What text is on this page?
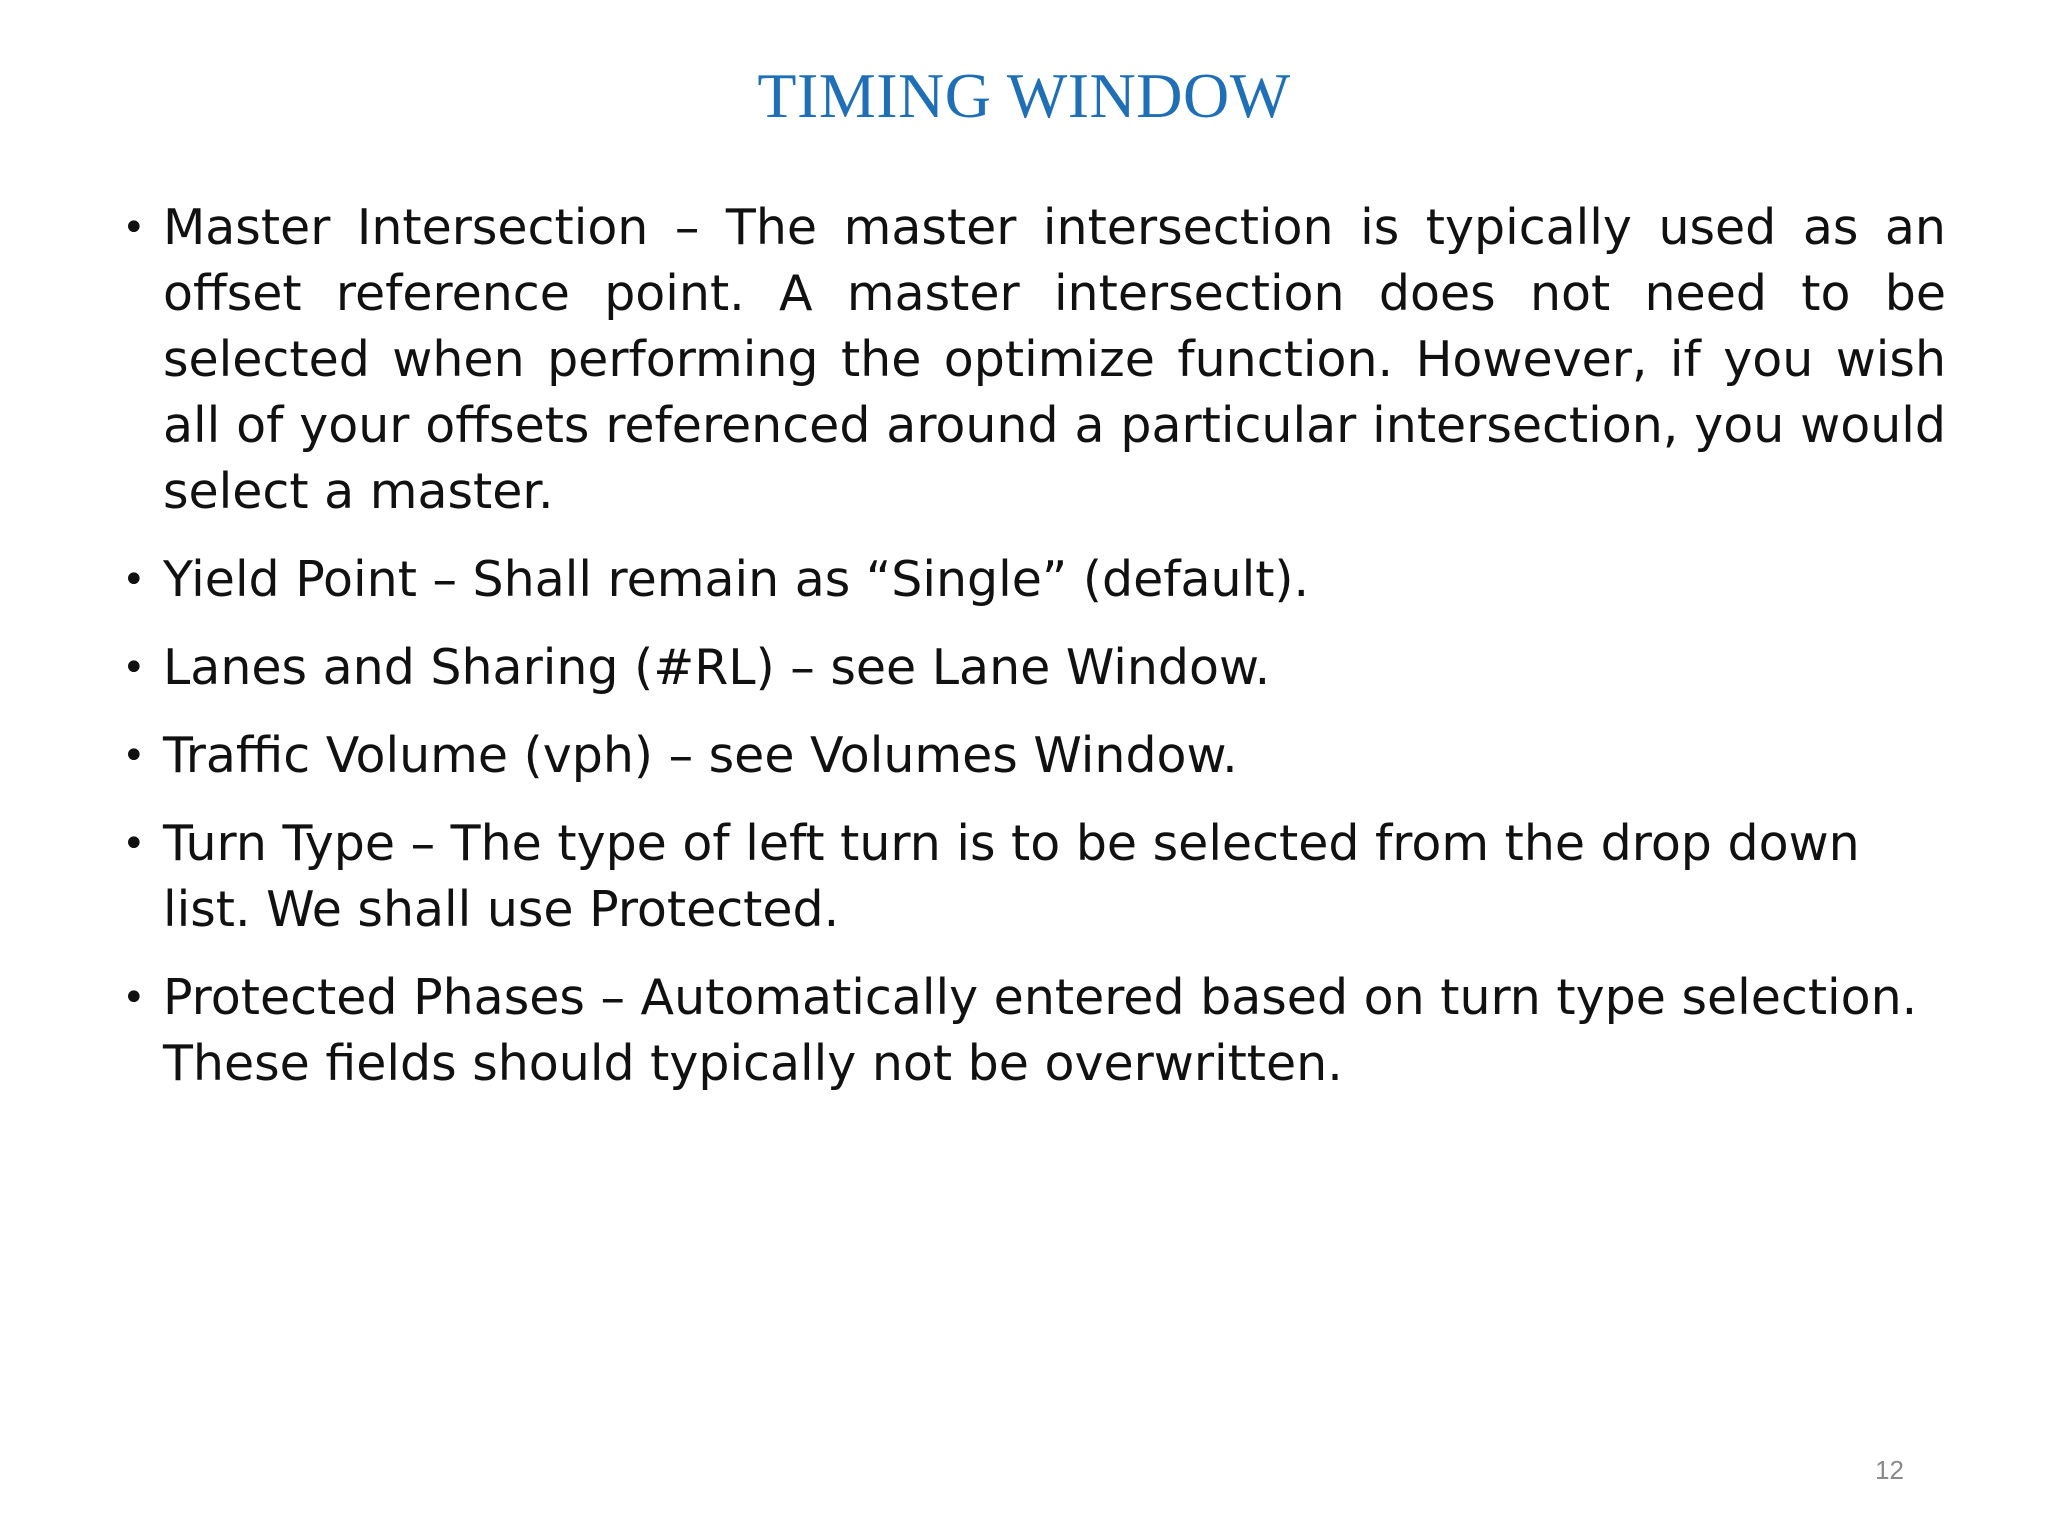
TIMING WINDOW
• Master Intersection – The master intersection is typically used as an offset reference point. A master intersection does not need to be selected when performing the optimize function. However, if you wish all of your offsets referenced around a particular intersection, you would select a master.
• Yield Point – Shall remain as “Single” (default).
• Lanes and Sharing (#RL) – see Lane Window.
• Traffic Volume (vph) – see Volumes Window.
• Turn Type – The type of left turn is to be selected from the drop down list. We shall use Protected.
• Protected Phases – Automatically entered based on turn type selection. These fields should typically not be overwritten.
12
